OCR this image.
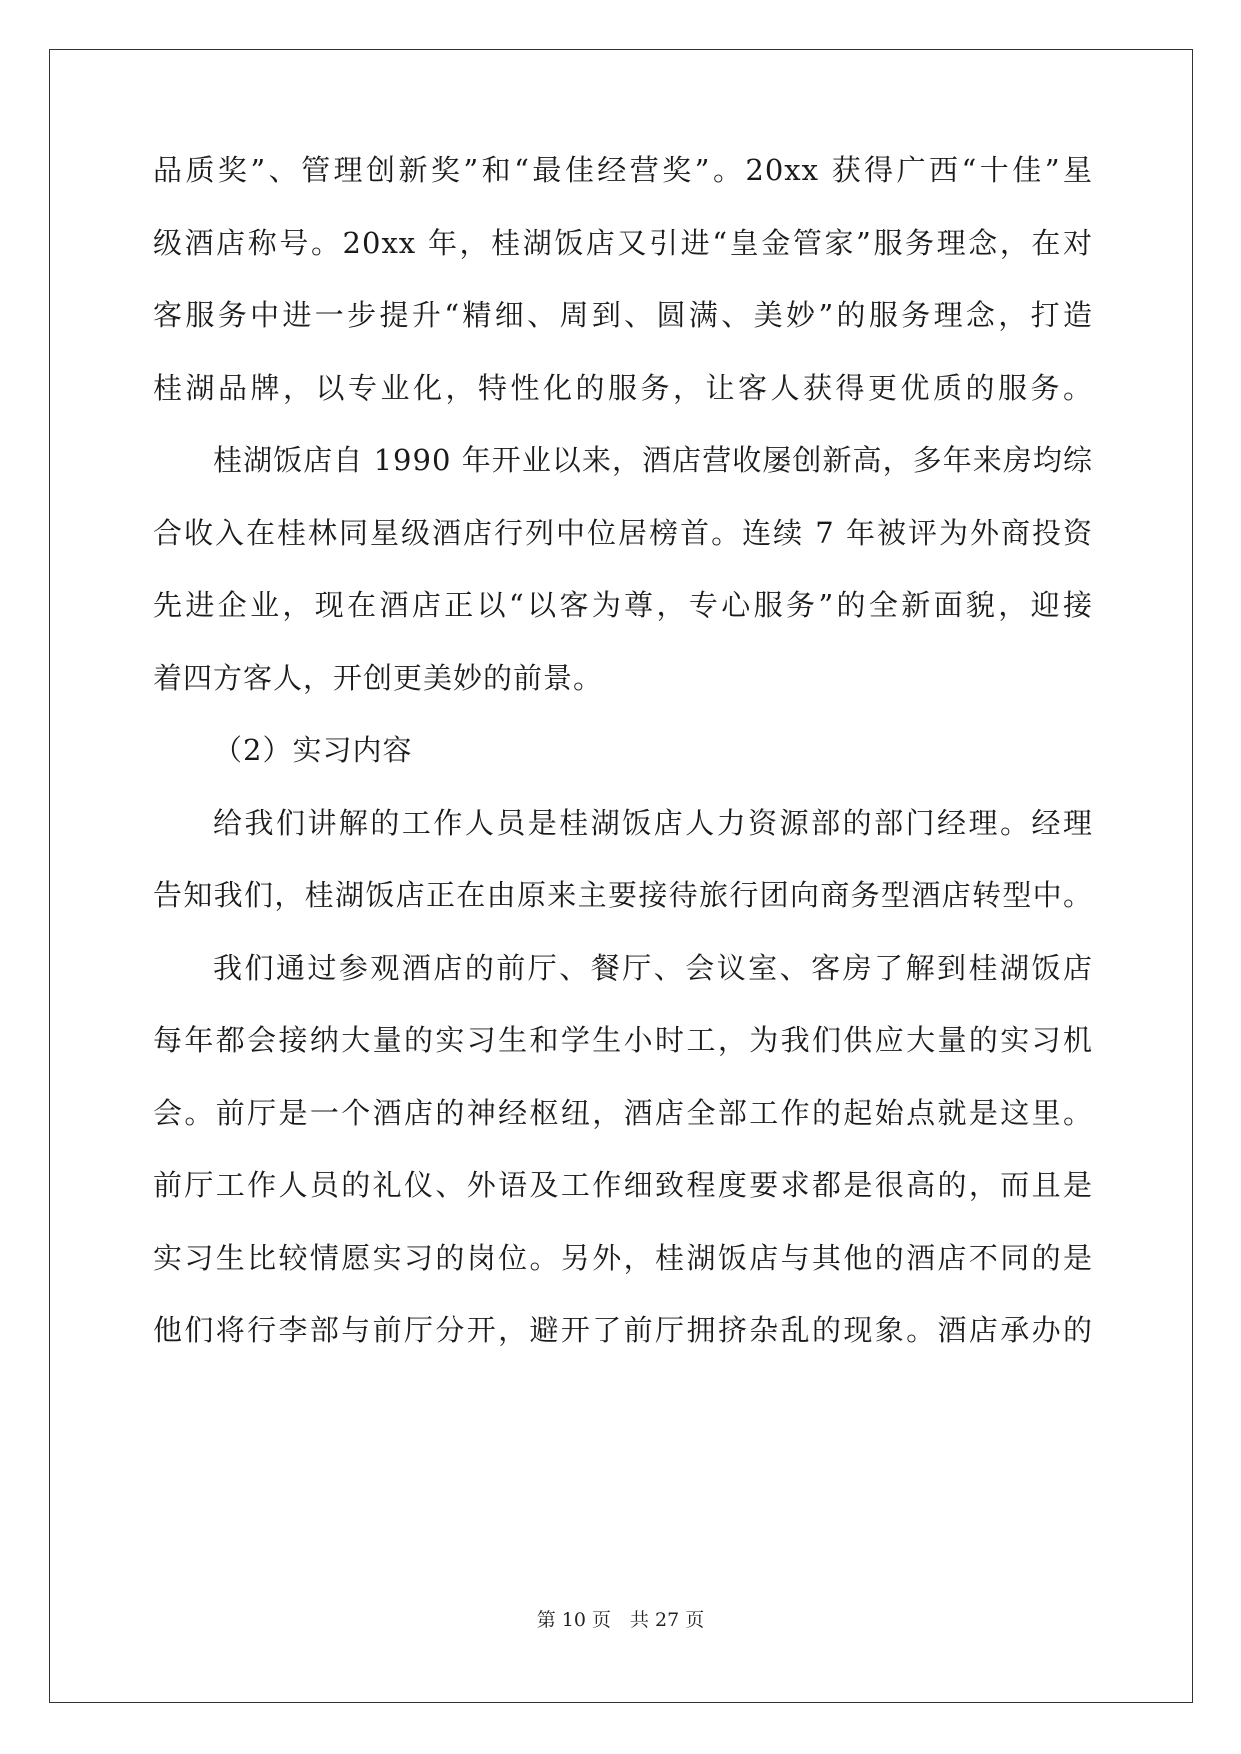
品质奖”、管理创新奖”和“最佳经营奖”。20xx 获得广西“十佳”星
级酒店称号。20xx 年，桂湖饭店又引进“皇金管家”服务理念，在对
客服务中进一步提升“精细、周到、圆满、美妙”的服务理念，打造
桂湖品牌，以专业化，特性化的服务，让客人获得更优质的服务。
桂湖饭店自 1990 年开业以来，酒店营收屡创新高，多年来房均综
合收入在桂林同星级酒店行列中位居榜首。连续 7 年被评为外商投资
先进企业，现在酒店正以“以客为尊，专心服务”的全新面貌，迎接
着四方客人，开创更美妙的前景。
（2）实习内容
给我们讲解的工作人员是桂湖饭店人力资源部的部门经理。经理
告知我们，桂湖饭店正在由原来主要接待旅行团向商务型酒店转型中。
我们通过参观酒店的前厅、餐厅、会议室、客房了解到桂湖饭店
每年都会接纳大量的实习生和学生小时工，为我们供应大量的实习机
会。前厅是一个酒店的神经枢纽，酒店全部工作的起始点就是这里。
前厅工作人员的礼仪、外语及工作细致程度要求都是很高的，而且是
实习生比较情愿实习的岗位。另外，桂湖饭店与其他的酒店不同的是
他们将行李部与前厅分开，避开了前厅拥挤杂乱的现象。酒店承办的
第 10 页　共 27 页
